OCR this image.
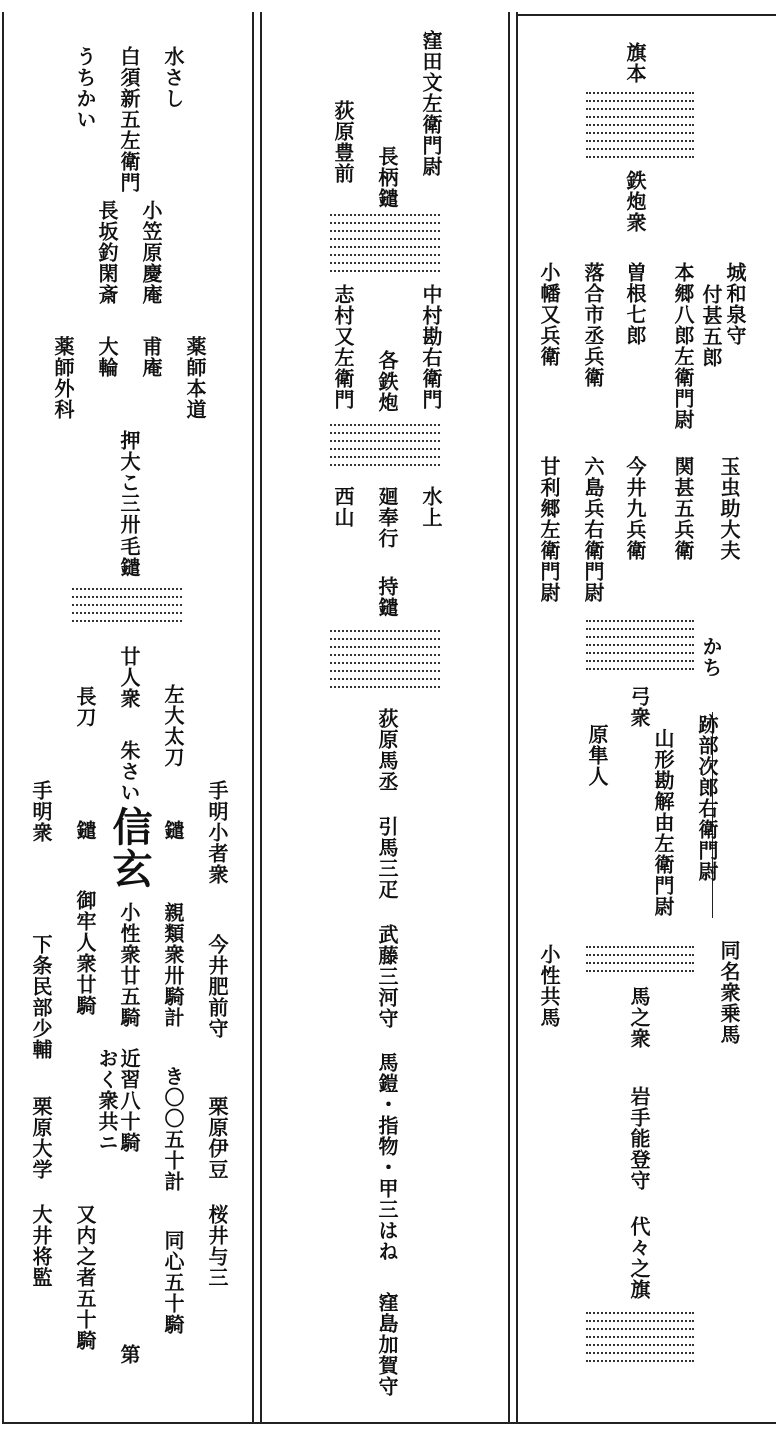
旗本
鉄炮衆
城和泉守
付甚五郎
本郷八郎左衛門尉
曽根七郎
落合市丞兵衛
小幡又兵衛
玉虫助大夫
関甚五兵衛
今井九兵衛
六島兵右衛門尉
甘利郷左衛門尉
かち
弓衆
跡部次郎右衛門尉
山形勘解由左衛門尉
原隼人
同名衆乗馬
小性共馬	馬之衆
岩手能登守
代々之旗
窪田文左衛門尉
長柄鑓
荻原豊前
中村勘右衛門
各鉄炮
志村又左衛門
水上
廻奉行
西山
持鑓
荻原馬丞
引馬三疋
武藤三河守
馬鎧・指物・甲三はね
窪島加賀守
水さし
白須新五左衛門
うちかい
小笠原慶庵
長坂釣閑斎
薬師本道
甫庵
大輪
薬師外科
押大こ三卅
毛鑓
左大太刀
廿人衆
長刀
手明小者衆
朱さい
信玄 鑓
手明衆 鑓
親類衆卅騎計
小性衆廿五騎
御牢人衆廿騎	今井肥前守
下条民部少輔
き〇〇五十計
近習八十騎
おく衆共ニ	栗原伊豆
栗原大学
桜井与三
同心五十騎
又内之者五十騎
大井将監
第
